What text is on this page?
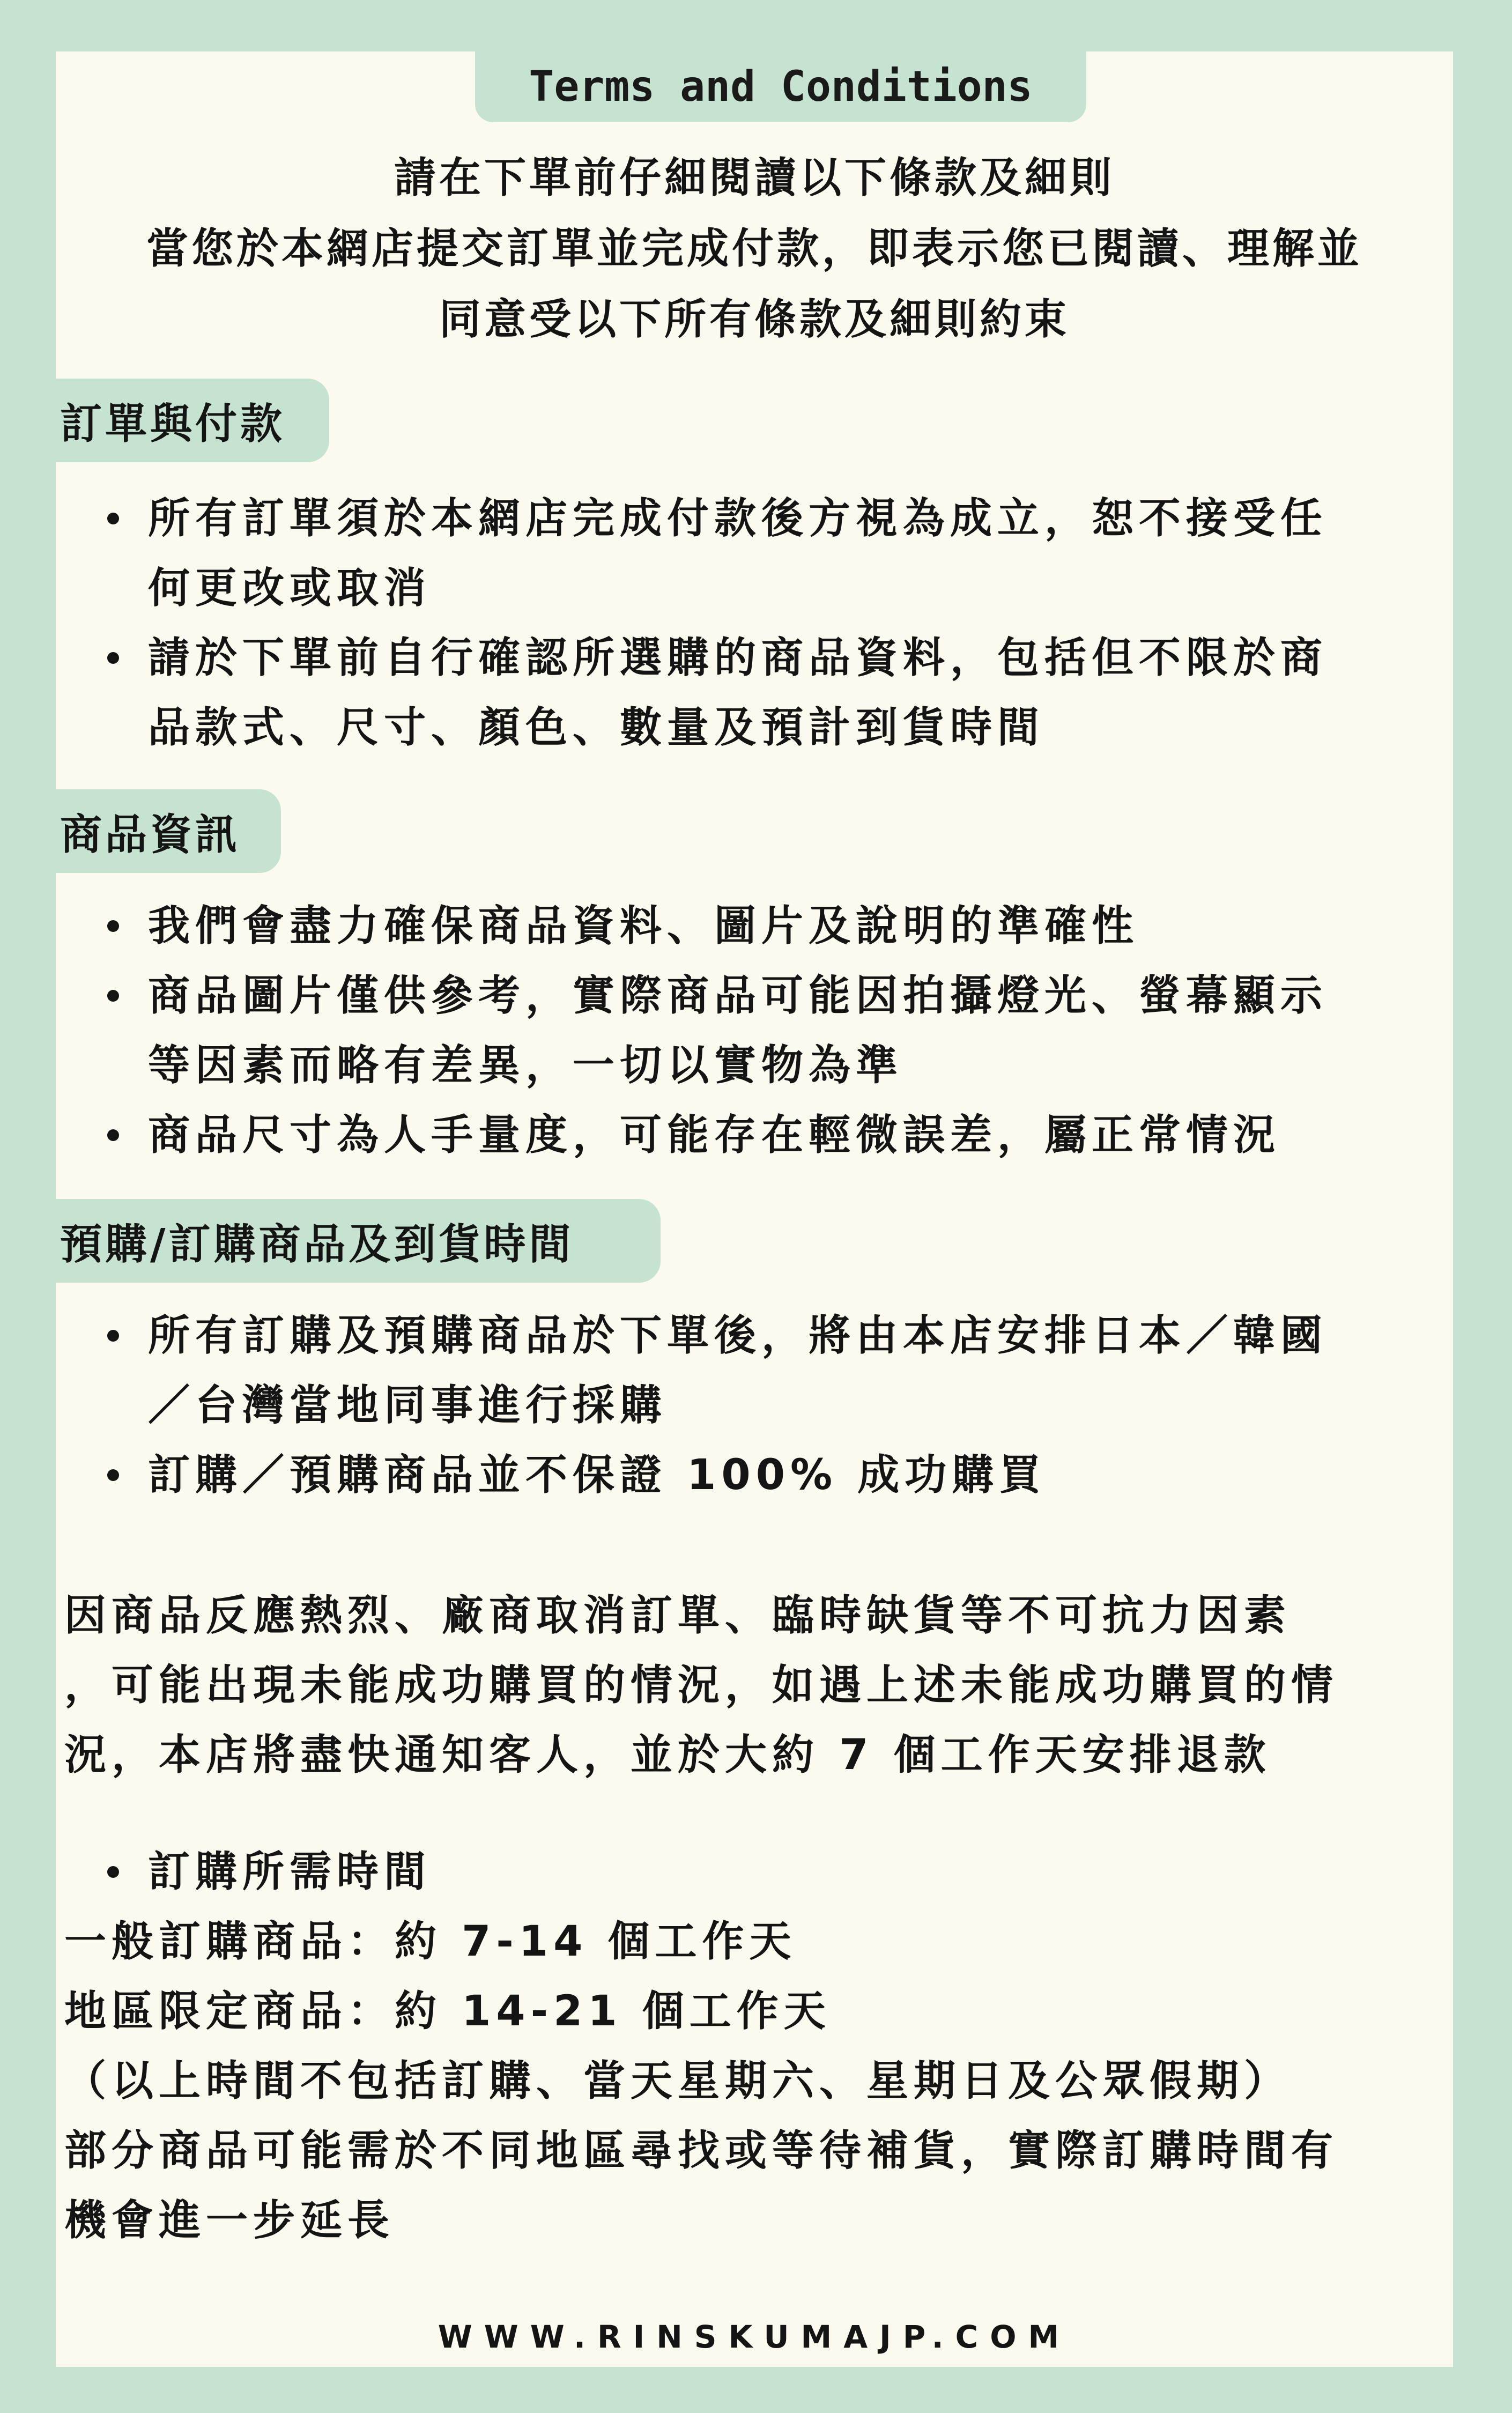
Terms and Conditions
請在下單前仔細閱讀以下條款及細則
當您於本網店提交訂單並完成付款，即表示您已閱讀、理解並
同意受以下所有條款及細則約束
訂單與付款
所有訂單須於本網店完成付款後方視為成立，恕不接受任
何更改或取消
請於下單前自行確認所選購的商品資料，包括但不限於商
品款式、尺寸、顏色、數量及預計到貨時間
商品資訊
我們會盡力確保商品資料、圖片及說明的準確性
商品圖片僅供參考，實際商品可能因拍攝燈光、螢幕顯示
等因素而略有差異，一切以實物為準
商品尺寸為人手量度，可能存在輕微誤差，屬正常情況
預購/訂購商品及到貨時間
所有訂購及預購商品於下單後，將由本店安排日本／韓國
／台灣當地同事進行採購
訂購／預購商品並不保證 100% 成功購買
因商品反應熱烈、廠商取消訂單、臨時缺貨等不可抗力因素
，可能出現未能成功購買的情況，如遇上述未能成功購買的情
況，本店將盡快通知客人，並於大約 7 個工作天安排退款
訂購所需時間
一般訂購商品：約 7-14 個工作天
地區限定商品：約 14-21 個工作天
（以上時間不包括訂購、當天星期六、星期日及公眾假期）
部分商品可能需於不同地區尋找或等待補貨，實際訂購時間有
機會進一步延長
WWW.RINSKUMAJP.COM
